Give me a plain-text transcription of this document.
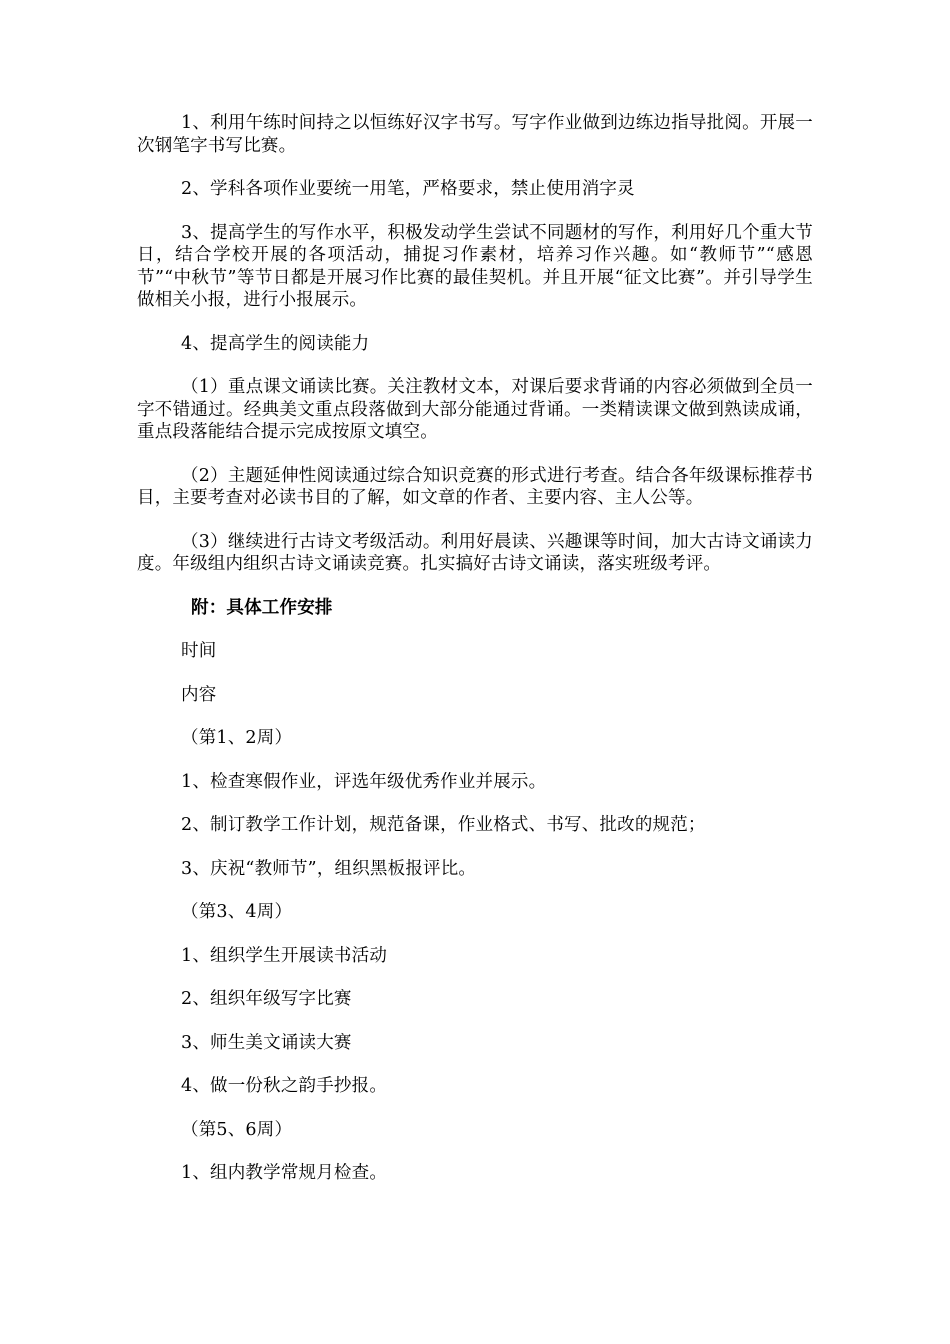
1、利用午练时间持之以恒练好汉字书写。写字作业做到边练边指导批阅。开展一次钢笔字书写比赛。

2、学科各项作业要统一用笔，严格要求，禁止使用消字灵

3、提高学生的写作水平，积极发动学生尝试不同题材的写作，利用好几个重大节日，结合学校开展的各项活动，捕捉习作素材，培养习作兴趣。如“教师节”“感恩节”“中秋节”等节日都是开展习作比赛的最佳契机。并且开展“征文比赛”。并引导学生做相关小报，进行小报展示。

4、提高学生的阅读能力

（1）重点课文诵读比赛。关注教材文本，对课后要求背诵的内容必须做到全员一字不错通过。经典美文重点段落做到大部分能通过背诵。一类精读课文做到熟读成诵，重点段落能结合提示完成按原文填空。

（2）主题延伸性阅读通过综合知识竞赛的形式进行考查。结合各年级课标推荐书目，主要考查对必读书目的了解，如文章的作者、主要内容、主人公等。

（3）继续进行古诗文考级活动。利用好晨读、兴趣课等时间，加大古诗文诵读力度。年级组内组织古诗文诵读竞赛。扎实搞好古诗文诵读，落实班级考评。

附：具体工作安排

时间

内容

（第1、2周）

1、检查寒假作业，评选年级优秀作业并展示。

2、制订教学工作计划，规范备课，作业格式、书写、批改的规范；

3、庆祝“教师节”，组织黑板报评比。

（第3、4周）

1、组织学生开展读书活动

2、组织年级写字比赛

3、师生美文诵读大赛

4、做一份秋之韵手抄报。

（第5、6周）

1、组内教学常规月检查。
